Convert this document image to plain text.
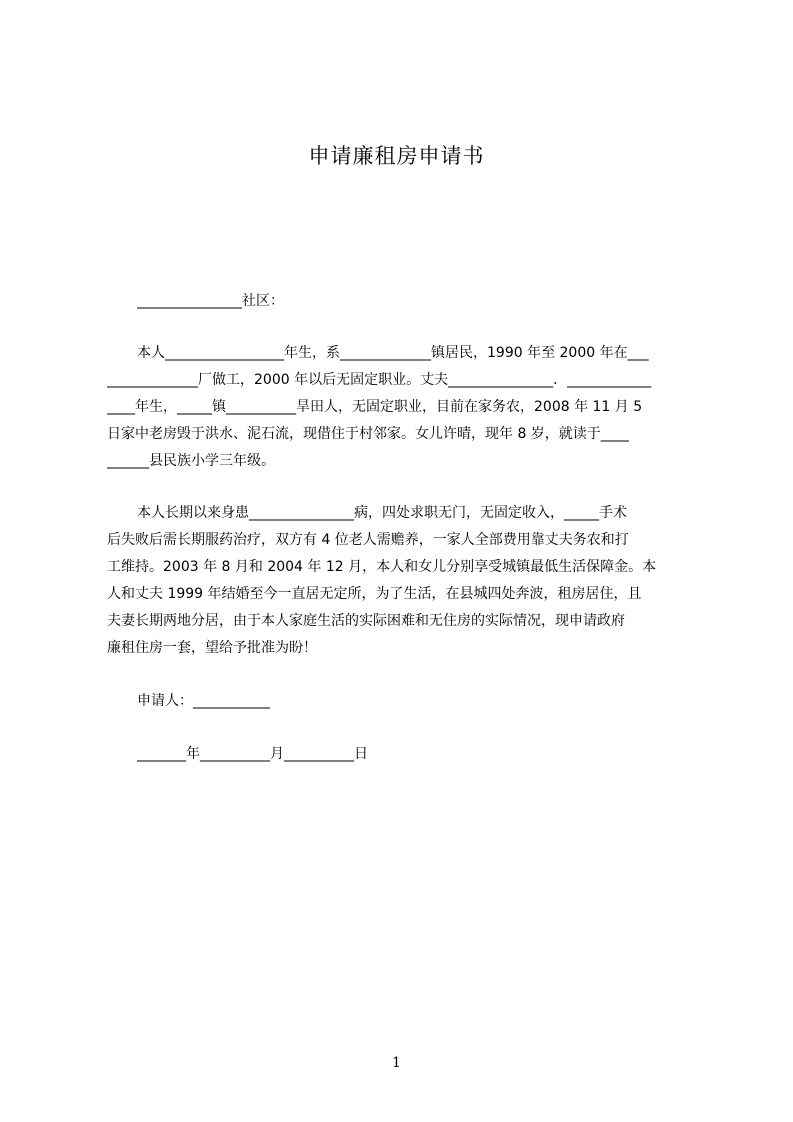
申请廉租房申请书
_______________社区：
本人_________________年生，系_____________镇居民，1990 年至 2000 年在___
_____________厂做工，2000 年以后无固定职业。丈夫_______________．____________
____年生，_____镇__________旱田人，无固定职业，目前在家务农，2008 年 11 月 5
日家中老房毁于洪水、泥石流，现借住于村邻家。女儿许晴，现年 8 岁，就读于____
______县民族小学三年级。
本人长期以来身患_______________病，四处求职无门，无固定收入，_____手术
后失败后需长期服药治疗，双方有 4 位老人需赡养，一家人全部费用靠丈夫务农和打
工维持。2003 年 8 月和 2004 年 12 月，本人和女儿分别享受城镇最低生活保障金。本
人和丈夫 1999 年结婚至今一直居无定所，为了生活，在县城四处奔波，租房居住，且
夫妻长期两地分居，由于本人家庭生活的实际困难和无住房的实际情况，现申请政府
廉租住房一套，望给予批准为盼！
申请人：___________
_______年__________月__________日
1
